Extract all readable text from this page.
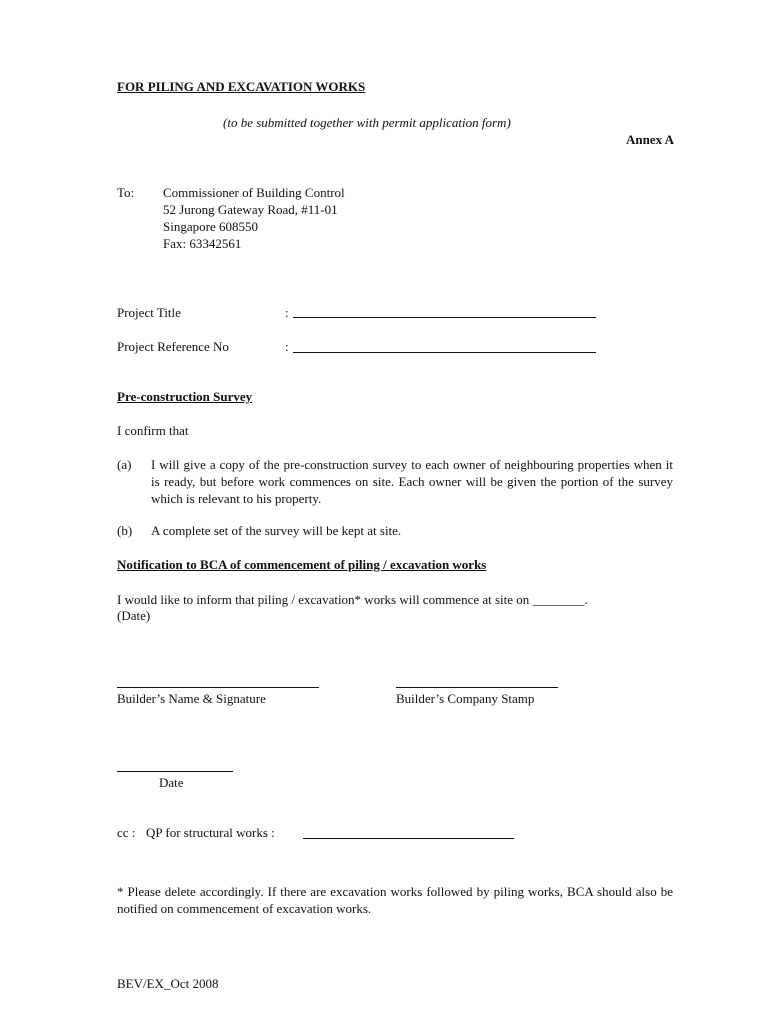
FOR PILING AND EXCAVATION WORKS
(to be submitted together with permit application form)
Annex A
To: Commissioner of Building Control
52 Jurong Gateway Road, #11-01
Singapore 608550
Fax: 63342561
Project Title	:
Project Reference No	:
Pre-construction Survey
I confirm that
(a) I will give a copy of the pre-construction survey to each owner of neighbouring properties when it is ready, but before work commences on site. Each owner will be given the portion of the survey which is relevant to his property.
(b) A complete set of the survey will be kept at site.
Notification to BCA of commencement of piling / excavation works
I would like to inform that piling / excavation* works will commence at site on ________.
(Date)
Builder’s Name & Signature	Builder’s Company Stamp
Date
cc : QP for structural works :
* Please delete accordingly. If there are excavation works followed by piling works, BCA should also be notified on commencement of excavation works.
BEV/EX_Oct 2008
